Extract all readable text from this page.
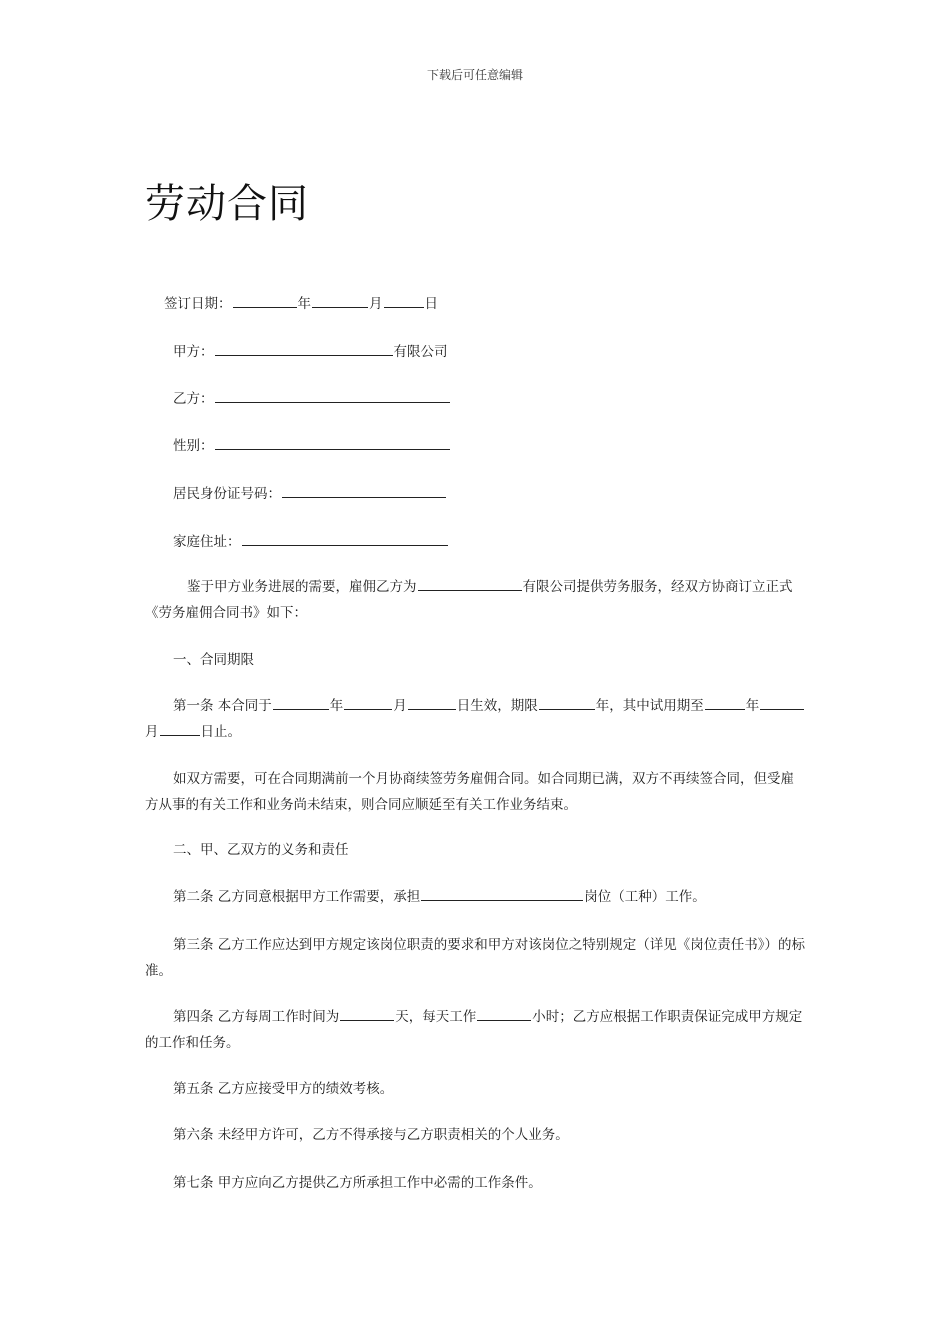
下载后可任意编辑
劳动合同
签订日期：	年	月	日
甲方：	有限公司
乙方：
性别：
居民身份证号码：
家庭住址：
鉴于甲方业务进展的需要，雇佣乙方为	有限公司提供劳务服务，经双方协商订立正式《劳务雇佣合同书》如下：
一、合同期限
第一条 本合同于	年	月	日生效，期限	年，其中试用期至	年月	日止。
如双方需要，可在合同期满前一个月协商续签劳务雇佣合同。如合同期已满，双方不再续签合同，但受雇方从事的有关工作和业务尚未结束，则合同应顺延至有关工作业务结束。
二、甲、乙双方的义务和责任
第二条 乙方同意根据甲方工作需要，承担	岗位（工种）工作。
第三条 乙方工作应达到甲方规定该岗位职责的要求和甲方对该岗位之特别规定（详见《岗位责任书》）的标准。
第四条 乙方每周工作时间为	天，每天工作	小时；乙方应根据工作职责保证完成甲方规定的工作和任务。
第五条 乙方应接受甲方的绩效考核。
第六条 未经甲方许可，乙方不得承接与乙方职责相关的个人业务。
第七条 甲方应向乙方提供乙方所承担工作中必需的工作条件。
